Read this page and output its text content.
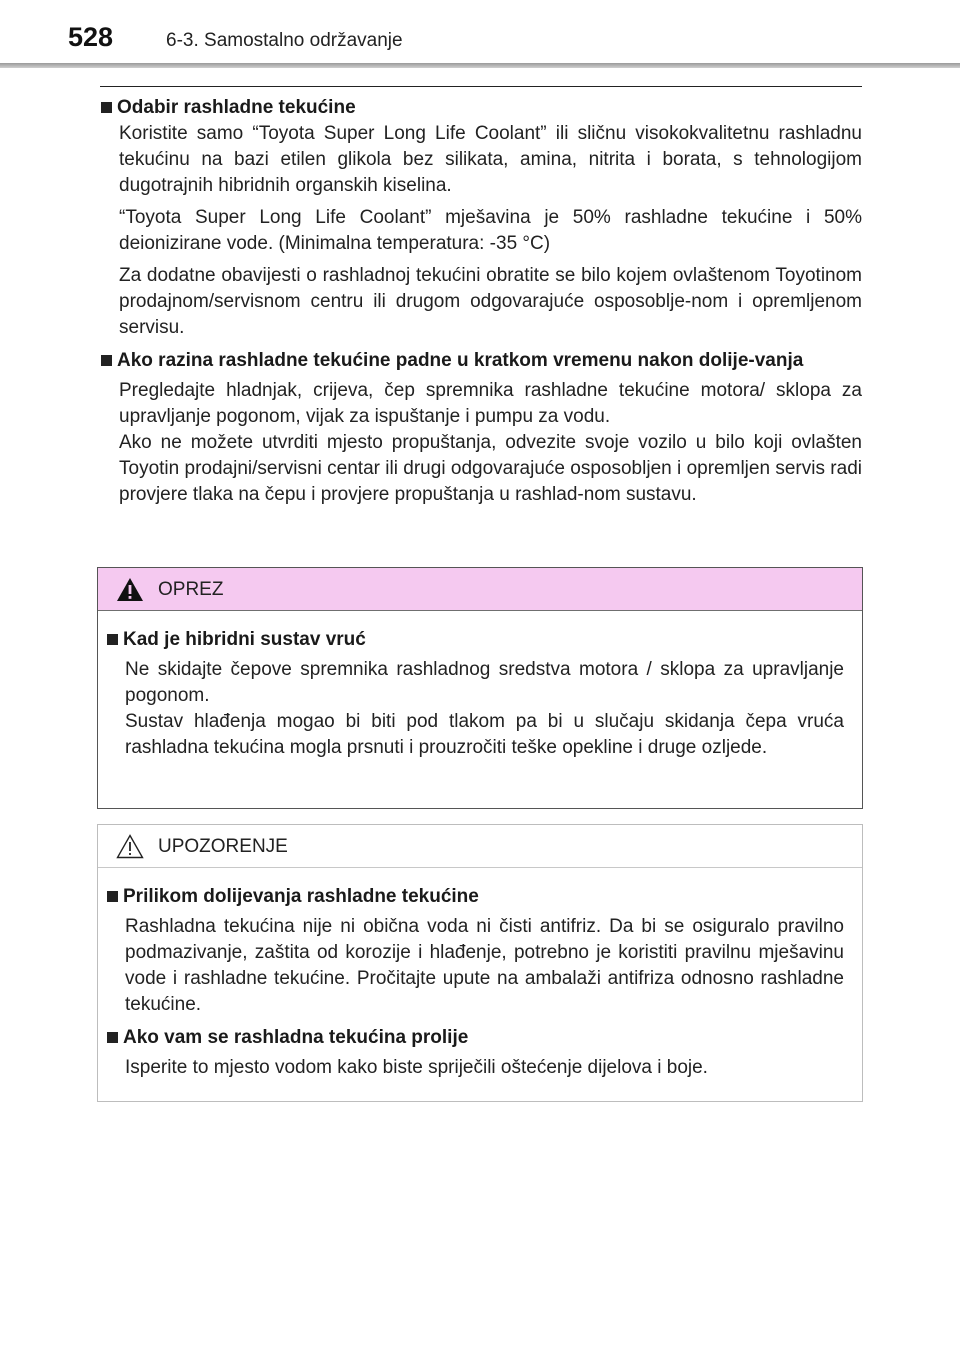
528	6-3. Samostalno održavanje
Odabir rashladne tekućine

Koristite samo “Toyota Super Long Life Coolant” ili sličnu visokokvalitetnu rashladnu tekućinu na bazi etilen glikola bez silikata, amina, nitrita i borata, s tehnologijom dugotrajnih hibridnih organskih kiselina.

“Toyota Super Long Life Coolant” mješavina je 50% rashladne tekućine i 50% deionizirane vode. (Minimalna temperatura: -35 °C)

Za dodatne obavijesti o rashladnoj tekućini obratite se bilo kojem ovlaštenom Toyotinom prodajnom/servisnom centru ili drugom odgovarajuće osposoblje-nom i opremljenom servisu.

Ako razina rashladne tekućine padne u kratkom vremenu nakon dolije-vanja

Pregledajte hladnjak, crijeva, čep spremnika rashladne tekućine motora/ sklopa za upravljanje pogonom, vijak za ispuštanje i pumpu za vodu.

Ako ne možete utvrditi mjesto propuštanja, odvezite svoje vozilo u bilo koji ovlašten Toyotin prodajni/servisni centar ili drugi odgovarajuće osposobljen i opremljen servis radi provjere tlaka na čepu i provjere propuštanja u rashlad-nom sustavu.

OPREZ
Kad je hibridni sustav vruć

Ne skidajte čepove spremnika rashladnog sredstva motora / sklopa za upravljanje pogonom.

Sustav hlađenja mogao bi biti pod tlakom pa bi u slučaju skidanja čepa vruća rashladna tekućina mogla prsnuti i prouzročiti teške opekline i druge ozljede.

UPOZORENJE
Prilikom dolijevanja rashladne tekućine

Rashladna tekućina nije ni obična voda ni čisti antifriz. Da bi se osiguralo pravilno podmazivanje, zaštita od korozije i hlađenje, potrebno je koristiti pravilnu mješavinu vode i rashladne tekućine. Pročitajte upute na ambalaži antifriza odnosno rashladne tekućine.

Ako vam se rashladna tekućina prolije

Isperite to mjesto vodom kako biste spriječili oštećenje dijelova i boje.
